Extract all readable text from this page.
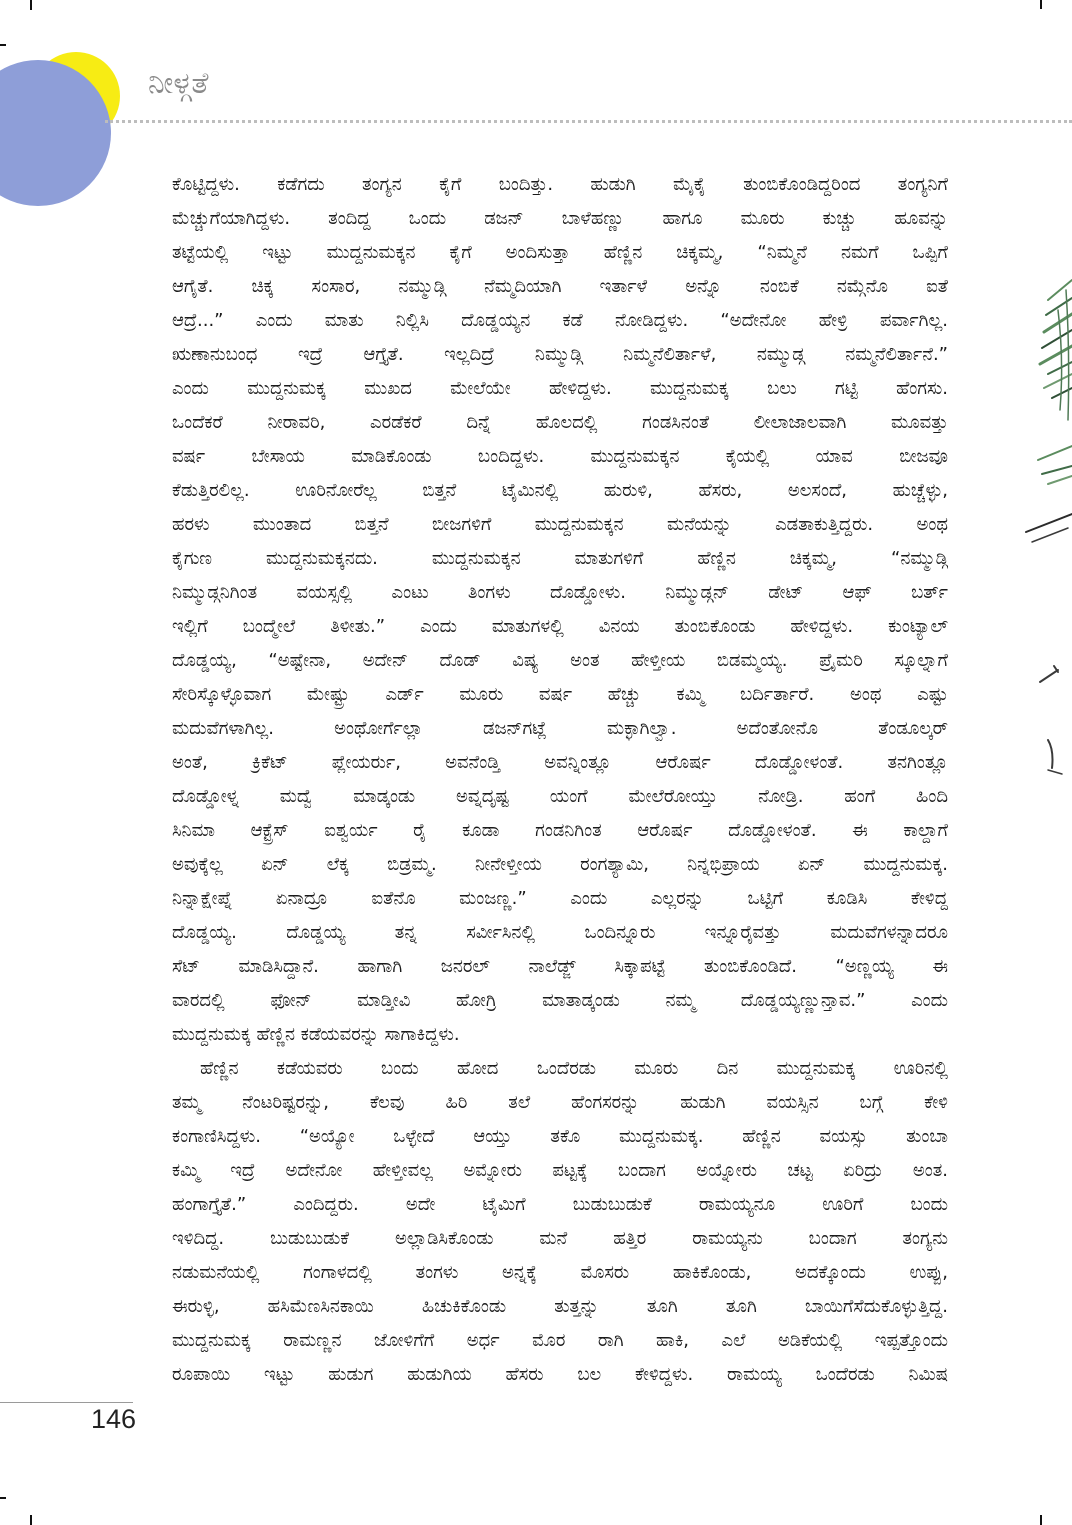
ನೀಳ್ಗತೆ
ಕೊಟ್ಟಿದ್ದಳು. ಕಡೆಗದು ತಂಗ್ಯನ ಕೈಗೆ ಬಂದಿತ್ತು. ಹುಡುಗಿ ಮೈಕೈ ತುಂಬಿಕೊಂಡಿದ್ದರಿಂದ ತಂಗ್ಯನಿಗೆ
ಮೆಚ್ಚುಗೆಯಾಗಿದ್ದಳು. ತಂದಿದ್ದ ಒಂದು ಡಜನ್ ಬಾಳೆಹಣ್ಣು ಹಾಗೂ ಮೂರು ಕುಚ್ಚು ಹೂವನ್ನು
ತಟ್ಟೆಯಲ್ಲಿ ಇಟ್ಟು ಮುದ್ದನುಮಕ್ಕನ ಕೈಗೆ ಅಂದಿಸುತ್ತಾ ಹೆಣ್ಣಿನ ಚಿಕ್ಕಮ್ಮ, “ನಿಮ್ಮನೆ ನಮಗೆ ಒಪ್ಪಿಗೆ
ಆಗೈತೆ. ಚಿಕ್ಕ ಸಂಸಾರ, ನಮ್ಮುಡ್ಗಿ ನೆಮ್ಮದಿಯಾಗಿ ಇರ್ತಾಳೆ ಅನ್ನೊ ನಂಬಿಕೆ ನಮ್ಗೆನೊ ಐತೆ
ಆದ್ರೆ...” ಎಂದು ಮಾತು ನಿಲ್ಲಿಸಿ ದೊಡ್ಡಯ್ಯನ ಕಡೆ ನೋಡಿದ್ದಳು. “ಅದೇನೋ ಹೇಳ್ರಿ ಪರ್ವಾಗಿಲ್ಲ.
ಋಣಾನುಬಂಧ ಇದ್ರೆ ಆಗ್ತೈತೆ. ಇಲ್ಲದಿದ್ರೆ ನಿಮ್ಮುಡ್ಗಿ ನಿಮ್ಮನೆಲಿರ್ತಾಳೆ, ನಮ್ಮುಡ್ಗ ನಮ್ಮನೆಲಿರ್ತಾನೆ.”
ಎಂದು ಮುದ್ದನುಮಕ್ಕ ಮುಖದ ಮೇಲೆಯೇ ಹೇಳಿದ್ದಳು. ಮುದ್ದನುಮಕ್ಕ ಬಲು ಗಟ್ಟಿ ಹೆಂಗಸು.
ಒಂದೆಕರೆ ನೀರಾವರಿ, ಎರಡೆಕರೆ ದಿನ್ನೆ ಹೊಲದಲ್ಲಿ ಗಂಡಸಿನಂತೆ ಲೀಲಾಜಾಲವಾಗಿ ಮೂವತ್ತು
ವರ್ಷ ಬೇಸಾಯ ಮಾಡಿಕೊಂಡು ಬಂದಿದ್ದಳು. ಮುದ್ದನುಮಕ್ಕನ ಕೈಯಲ್ಲಿ ಯಾವ ಬೀಜವೂ
ಕೆಡುತ್ತಿರಲಿಲ್ಲ. ಊರಿನೋರೆಲ್ಲ ಬಿತ್ತನೆ ಟೈಮಿನಲ್ಲಿ ಹುರುಳಿ, ಹೆಸರು, ಅಲಸಂದೆ, ಹುಚ್ಚೆಳ್ಳು,
ಹರಳು ಮುಂತಾದ ಬಿತ್ತನೆ ಬೀಜಗಳಿಗೆ ಮುದ್ದನುಮಕ್ಕನ ಮನೆಯನ್ನು ಎಡತಾಕುತ್ತಿದ್ದರು. ಅಂಥ
ಕೈಗುಣ ಮುದ್ದನುಮಕ್ಕನದು. ಮುದ್ದನುಮಕ್ಕನ ಮಾತುಗಳಿಗೆ ಹೆಣ್ಣಿನ ಚಿಕ್ಕಮ್ಮ, “ನಮ್ಮುಡ್ಗಿ
ನಿಮ್ಮುಡ್ಗನಿಗಿಂತ ವಯಸ್ಸಲ್ಲಿ ಎಂಟು ತಿಂಗಳು ದೊಡ್ಡೋಳು. ನಿಮ್ಮುಡ್ಗನ್ ಡೇಟ್ ಆಫ್ ಬರ್ತ್
ಇಲ್ಲಿಗೆ ಬಂದ್ಮೇಲೆ ತಿಳೀತು.” ಎಂದು ಮಾತುಗಳಲ್ಲಿ ವಿನಯ ತುಂಬಿಕೊಂಡು ಹೇಳಿದ್ದಳು. ಕುಂಟ್ಯಾಲ್
ದೊಡ್ಡಯ್ಯ, “ಅಷ್ಟೇನಾ, ಅದೇನ್ ದೊಡ್ ವಿಷ್ಯ ಅಂತ ಹೇಳ್ತೀಯ ಬಿಡಮ್ಮಯ್ಯ. ಪ್ರೈಮರಿ ಸ್ಕೂಲ್ನಾಗೆ
ಸೇರಿಸ್ಕೊಳ್ಳೊವಾಗ ಮೇಷ್ಟ್ರು ಎರ್ಡ್ ಮೂರು ವರ್ಷ ಹೆಚ್ಚು ಕಮ್ಮಿ ಬರ್ದಿರ್ತಾರೆ. ಅಂಥ ಎಷ್ಟು
ಮದುವೆಗಳಾಗಿಲ್ಲ. ಅಂಥೋರ್ಗೆಲ್ಲಾ ಡಜನ್‌ಗಟ್ಲೆ ಮಕ್ಳಾಗಿಲ್ವಾ. ಅದೆಂತೋನೊ ತೆಂಡೂಲ್ಕರ್
ಅಂತೆ, ಕ್ರಿಕೆಟ್ ಪ್ಲೇಯರ್ರು, ಅವನೆಂಡ್ತಿ ಅವನ್ನಿಂತ್ಲೂ ಆರೊರ್ಷ ದೊಡ್ಡೋಳಂತೆ. ತನಗಿಂತ್ಲೂ
ದೊಡ್ಡೋಳ್ನ ಮದ್ವೆ ಮಾಡ್ಕಂಡು ಅವ್ನದೃಷ್ಟ ಯಂಗೆ ಮೇಲೆರೋಯ್ತು ನೋಡ್ರಿ. ಹಂಗೆ ಹಿಂದಿ
ಸಿನಿಮಾ ಆಕ್ಟ್ರೆಸ್ ಐಶ್ವರ್ಯ ರೈ ಕೂಡಾ ಗಂಡನಿಗಿಂತ ಆರೊರ್ಷ ದೊಡ್ಡೋಳಂತೆ. ಈ ಕಾಲ್ದಾಗೆ
ಅವುಕ್ಕೆಲ್ಲ ಏನ್ ಲೆಕ್ಕ ಬಿಡ್ರಮ್ಮ. ನೀನೇಳ್ತೀಯ ರಂಗಶ್ಯಾಮಿ, ನಿನ್ನಭಿಪ್ರಾಯ ಏನ್ ಮುದ್ದನುಮಕ್ಕ.
ನಿನ್ನಾಕ್ಷೇಪ್ನೆ ಏನಾದ್ರೂ ಐತೆನೊ ಮಂಜಣ್ಣ.” ಎಂದು ಎಲ್ಲರನ್ನು ಒಟ್ಟಿಗೆ ಕೂಡಿಸಿ ಕೇಳಿದ್ದ
ದೊಡ್ಡಯ್ಯ. ದೊಡ್ಡಯ್ಯ ತನ್ನ ಸರ್ವೀಸಿನಲ್ಲಿ ಒಂದಿನ್ನೂರು ಇನ್ನೂರೈವತ್ತು ಮದುವೆಗಳನ್ನಾದರೂ
ಸೆಟ್ ಮಾಡಿಸಿದ್ದಾನೆ. ಹಾಗಾಗಿ ಜನರಲ್ ನಾಲೆಡ್ಜ್ ಸಿಕ್ಕಾಪಟ್ಟೆ ತುಂಬಿಕೊಂಡಿದೆ. “ಅಣ್ಣಯ್ಯ ಈ
ವಾರದಲ್ಲಿ ಫೋನ್ ಮಾಡ್ತೀವಿ ಹೋಗ್ರಿ ಮಾತಾಡ್ಕಂಡು ನಮ್ಮ ದೊಡ್ಡಯ್ಯಣ್ಣುನ್ತಾವ.” ಎಂದು
ಮುದ್ದನುಮಕ್ಕ ಹೆಣ್ಣಿನ ಕಡೆಯವರನ್ನು ಸಾಗಾಕಿದ್ದಳು.
ಹೆಣ್ಣಿನ ಕಡೆಯವರು ಬಂದು ಹೋದ ಒಂದೆರಡು ಮೂರು ದಿನ ಮುದ್ದನುಮಕ್ಕ ಊರಿನಲ್ಲಿ
ತಮ್ಮ ನೆಂಟರಿಷ್ಟರನ್ನು, ಕೆಲವು ಹಿರಿ ತಲೆ ಹೆಂಗಸರನ್ನು ಹುಡುಗಿ ವಯಸ್ಸಿನ ಬಗ್ಗೆ ಕೇಳಿ
ಕಂಗಾಣಿಸಿದ್ದಳು. “ಅಯ್ಯೋ ಒಳ್ಳೇದೆ ಆಯ್ತು ತಕೊ ಮುದ್ದನುಮಕ್ಕ. ಹೆಣ್ಣಿನ ವಯಸ್ಸು ತುಂಬಾ
ಕಮ್ಮಿ ಇದ್ರೆ ಅದೇನೋ ಹೇಳ್ತೀವಲ್ಲ ಅಮ್ನೋರು ಪಟ್ಟಕ್ಕೆ ಬಂದಾಗ ಅಯ್ನೋರು ಚಟ್ಟ ಏರಿದ್ರು ಅಂತ.
ಹಂಗಾಗ್ತೈತೆ.” ಎಂದಿದ್ದರು. ಅದೇ ಟೈಮಿಗೆ ಬುಡುಬುಡುಕೆ ರಾಮಯ್ಯನೂ ಊರಿಗೆ ಬಂದು
ಇಳಿದಿದ್ದ. ಬುಡುಬುಡುಕೆ ಅಲ್ಲಾಡಿಸಿಕೊಂಡು ಮನೆ ಹತ್ತಿರ ರಾಮಯ್ಯನು ಬಂದಾಗ ತಂಗ್ಯನು
ನಡುಮನೆಯಲ್ಲಿ ಗಂಗಾಳದಲ್ಲಿ ತಂಗಳು ಅನ್ನಕ್ಕೆ ಮೊಸರು ಹಾಕಿಕೊಂಡು, ಅದಕ್ಕೊಂದು ಉಪ್ಪು,
ಈರುಳ್ಳಿ, ಹಸಿಮೆಣಸಿನಕಾಯಿ ಹಿಚುಕಿಕೊಂಡು ತುತ್ತನ್ನು ತೂಗಿ ತೂಗಿ ಬಾಯಿಗೆಸೆದುಕೊಳ್ಳುತ್ತಿದ್ದ.
ಮುದ್ದನುಮಕ್ಕ ರಾಮಣ್ಣನ ಜೋಳಿಗೆಗೆ ಅರ್ಧ ಮೊರ ರಾಗಿ ಹಾಕಿ, ಎಲೆ ಅಡಿಕೆಯಲ್ಲಿ ಇಪ್ಪತ್ತೊಂದು
ರೂಪಾಯಿ ಇಟ್ಟು ಹುಡುಗ ಹುಡುಗಿಯ ಹೆಸರು ಬಲ ಕೇಳಿದ್ದಳು. ರಾಮಯ್ಯ ಒಂದೆರಡು ನಿಮಿಷ
146
